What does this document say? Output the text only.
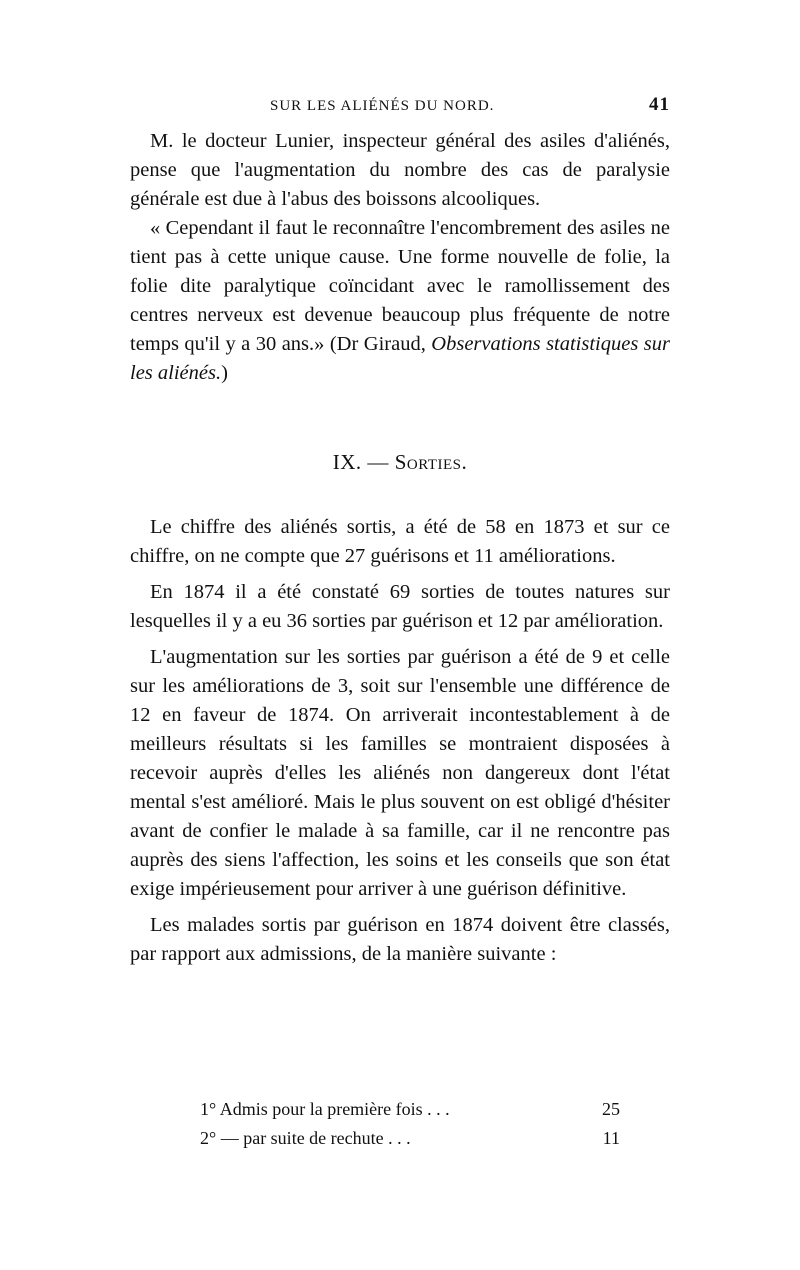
SUR LES ALIÉNÉS DU NORD.	41

M. le docteur Lunier, inspecteur général des asiles d'aliénés, pense que l'augmentation du nombre des cas de paralysie générale est due à l'abus des boissons alcooliques.

« Cependant il faut le reconnaître l'encombrement des asiles ne tient pas à cette unique cause. Une forme nouvelle de folie, la folie dite paralytique coïncidant avec le ramollissement des centres nerveux est devenue beaucoup plus fréquente de notre temps qu'il y a 30 ans.» (Dr Giraud, Observations statistiques sur les aliénés.)

IX. — Sorties.

Le chiffre des aliénés sortis, a été de 58 en 1873 et sur ce chiffre, on ne compte que 27 guérisons et 11 améliorations.

En 1874 il a été constaté 69 sorties de toutes natures sur lesquelles il y a eu 36 sorties par guérison et 12 par amélioration.

L'augmentation sur les sorties par guérison a été de 9 et celle sur les améliorations de 3, soit sur l'ensemble une différence de 12 en faveur de 1874. On arriverait incontestablement à de meilleurs résultats si les familles se montraient disposées à recevoir auprès d'elles les aliénés non dangereux dont l'état mental s'est amélioré. Mais le plus souvent on est obligé d'hésiter avant de confier le malade à sa famille, car il ne rencontre pas auprès des siens l'affection, les soins et les conseils que son état exige impérieusement pour arriver à une guérison définitive.

Les malades sortis par guérison en 1874 doivent être classés, par rapport aux admissions, de la manière suivante :

1° Admis pour la première fois . . .	25
2° — par suite de rechute . . .	11
